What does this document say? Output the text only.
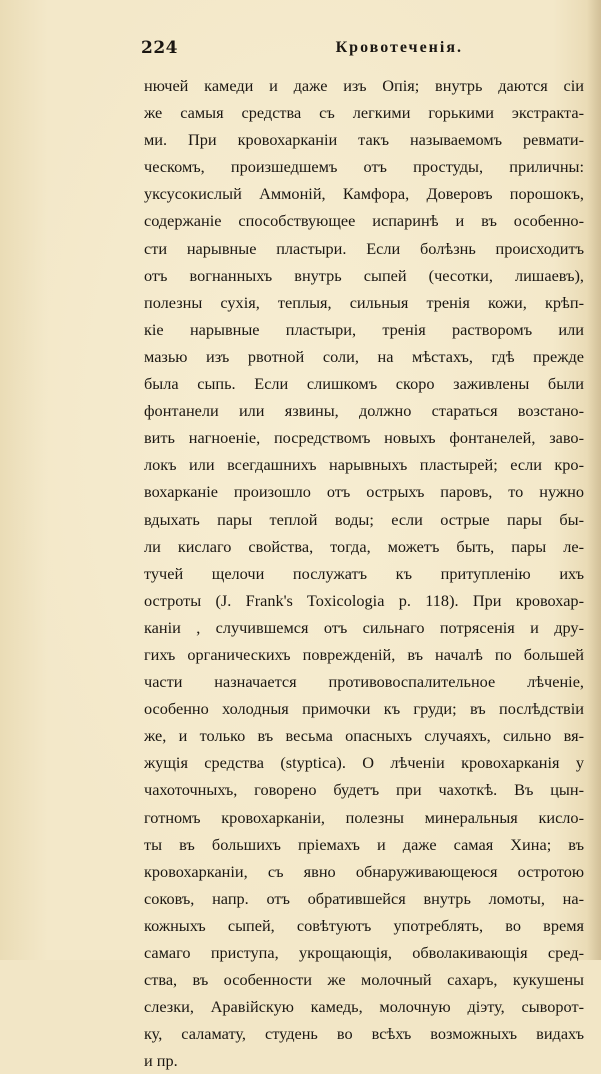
224	Кровотеченія.
нючей камеди и даже изъ Опія; внутрь даются сіи
же самыя средства съ легкими горькими экстракта-
ми. При кровохарканіи такъ называемомъ ревмати-
ческомъ, произшедшемъ отъ простуды, приличны:
уксусокислый Аммоній, Камфора, Доверовъ порошокъ,
содержаніе способствующее испаринѣ и въ особенно-
сти нарывные пластыри. Если болѣзнь происходитъ
отъ вогнанныхъ внутрь сыпей (чесотки, лишаевъ),
полезны сухія, теплыя, сильныя тренія кожи, крѣп-
кіе нарывные пластыри, тренія растворомъ или
мазью изъ рвотной соли, на мѣстахъ, гдѣ прежде
была сыпь. Если слишкомъ скоро заживлены были
фонтанели или язвины, должно стараться возстано-
вить нагноеніе, посредствомъ новыхъ фонтанелей, заво-
локъ или всегдашнихъ нарывныхъ пластырей; если кро-
вохарканіе произошло отъ острыхъ паровъ, то нужно
вдыхать пары теплой воды; если острые пары бы-
ли кислаго свойства, тогда, можетъ быть, пары ле-
тучей щелочи послужатъ къ притупленію ихъ
остроты (J. Frank's Toxicologia p. 118). При кровохар-
каніи , случившемся отъ сильнаго потрясенія и дру-
гихъ органическихъ поврежденій, въ началѣ по большей
части назначается противовоспалительное лѣченіе,
особенно холодныя примочки къ груди; въ послѣдствіи
же, и только въ весьма опасныхъ случаяхъ, сильно вя-
жущія средства (styptica). О лѣченіи кровохарканія у
чахоточныхъ, говорено будетъ при чахоткѣ. Въ цын-
готномъ кровохарканіи, полезны минеральныя кисло-
ты въ большихъ пріемахъ и даже самая Хина; въ
кровохарканіи, съ явно обнаруживающеюся остротою
соковъ, напр. отъ обратившейся внутрь ломоты, на-
кожныхъ сыпей, совѣтуютъ употреблять, во время
самаго приступа, укрощающія, обволакивающія сред-
ства, въ особенности же молочный сахаръ, кукушены
слезки, Аравійскую камедь, молочную діэту, сыворот-
ку, саламату, студень во всѣхъ возможныхъ видахъ
и пр.
